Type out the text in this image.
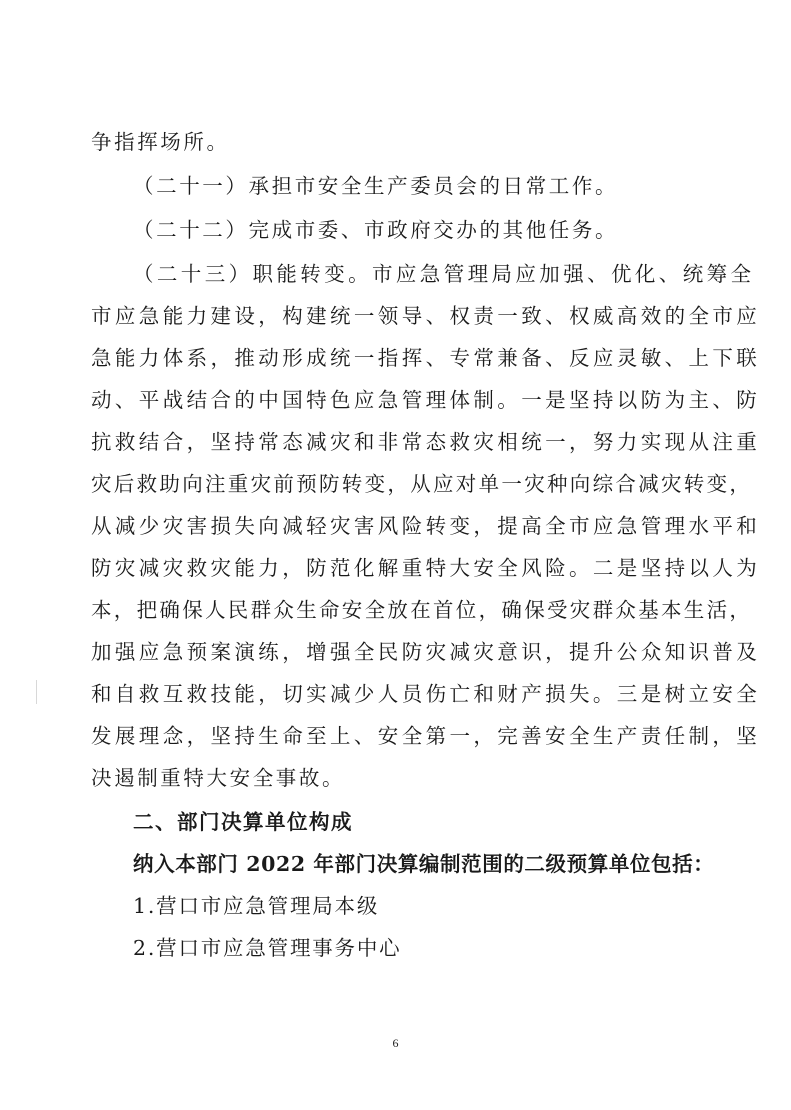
争指挥场所。
（二十一）承担市安全生产委员会的日常工作。
（二十二）完成市委、市政府交办的其他任务。
（二十三）职能转变。市应急管理局应加强、优化、统筹全
市应急能力建设，构建统一领导、权责一致、权威高效的全市应
急能力体系，推动形成统一指挥、专常兼备、反应灵敏、上下联
动、平战结合的中国特色应急管理体制。一是坚持以防为主、防
抗救结合，坚持常态减灾和非常态救灾相统一，努力实现从注重
灾后救助向注重灾前预防转变，从应对单一灾种向综合减灾转变，
从减少灾害损失向减轻灾害风险转变，提高全市应急管理水平和
防灾减灾救灾能力，防范化解重特大安全风险。二是坚持以人为
本，把确保人民群众生命安全放在首位，确保受灾群众基本生活，
加强应急预案演练，增强全民防灾减灾意识，提升公众知识普及
和自救互救技能，切实减少人员伤亡和财产损失。三是树立安全
发展理念，坚持生命至上、安全第一，完善安全生产责任制，坚
决遏制重特大安全事故。
二、部门决算单位构成
纳入本部门 2022 年部门决算编制范围的二级预算单位包括：
1.营口市应急管理局本级
2.营口市应急管理事务中心
6
